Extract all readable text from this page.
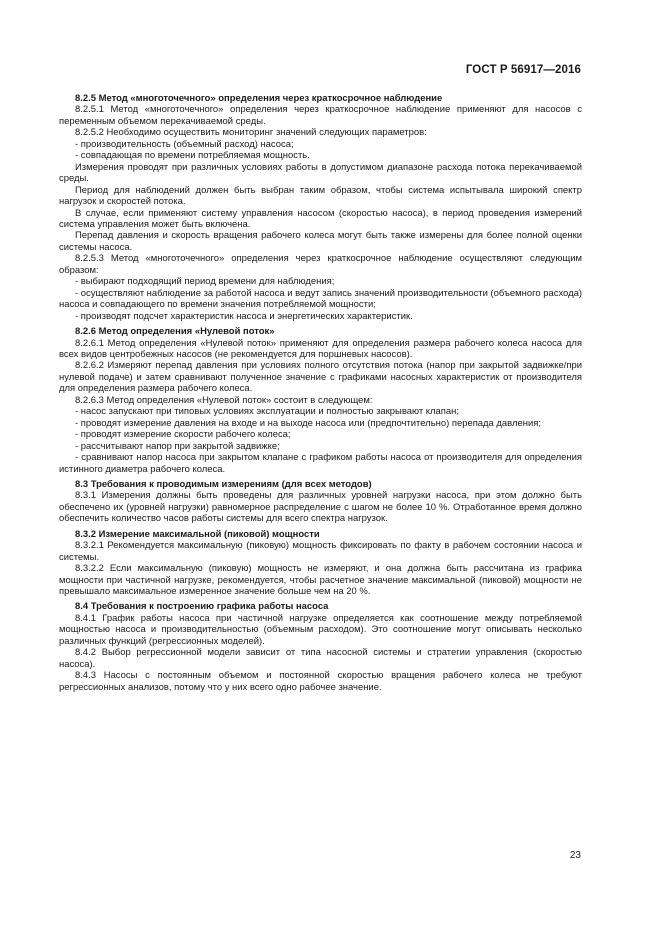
ГОСТ Р 56917—2016

8.2.5 Метод «многоточечного» определения через краткосрочное наблюдение

8.2.5.1 Метод «многоточечного» определения через краткосрочное наблюдение применяют для насосов с переменным объемом перекачиваемой среды.

8.2.5.2 Необходимо осуществить мониторинг значений следующих параметров:

- производительность (объемный расход) насоса;

- совпадающая по времени потребляемая мощность.

Измерения проводят при различных условиях работы в допустимом диапазоне расхода потока перекачиваемой среды.

Период для наблюдений должен быть выбран таким образом, чтобы система испытывала широкий спектр нагрузок и скоростей потока.

В случае, если применяют систему управления насосом (скоростью насоса), в период проведения измерений система управления может быть включена.

Перепад давления и скорость вращения рабочего колеса могут быть также измерены для более полной оценки системы насоса.

8.2.5.3 Метод «многоточечного» определения через краткосрочное наблюдение осуществляют следующим образом:

- выбирают подходящий период времени для наблюдения;

- осуществляют наблюдение за работой насоса и ведут запись значений производительности (объемного расхода) насоса и совпадающего по времени значения потребляемой мощности;

- производят подсчет характеристик насоса и энергетических характеристик.

8.2.6 Метод определения «Нулевой поток»

8.2.6.1 Метод определения «Нулевой поток» применяют для определения размера рабочего колеса насоса для всех видов центробежных насосов (не рекомендуется для поршневых насосов).

8.2.6.2 Измеряют перепад давления при условиях полного отсутствия потока (напор при закрытой задвижке/при нулевой подаче) и затем сравнивают полученное значение с графиками насосных характеристик от производителя для определения размера рабочего колеса.

8.2.6.3 Метод определения «Нулевой поток» состоит в следующем:

- насос запускают при типовых условиях эксплуатации и полностью закрывают клапан;

- проводят измерение давления на входе и на выходе насоса или (предпочтительно) перепада давления;

- проводят измерение скорости рабочего колеса;

- рассчитывают напор при закрытой задвижке;

- сравнивают напор насоса при закрытом клапане с графиком работы насоса от производителя для определения истинного диаметра рабочего колеса.

8.3 Требования к проводимым измерениям (для всех методов)

8.3.1 Измерения должны быть проведены для различных уровней нагрузки насоса, при этом должно быть обеспечено их (уровней нагрузки) равномерное распределение с шагом не более 10 %. Отработанное время должно обеспечить количество часов работы системы для всего спектра нагрузок.

8.3.2 Измерение максимальной (пиковой) мощности

8.3.2.1 Рекомендуется максимальную (пиковую) мощность фиксировать по факту в рабочем состоянии насоса и системы.

8.3.2.2 Если максимальную (пиковую) мощность не измеряют, и она должна быть рассчитана из графика мощности при частичной нагрузке, рекомендуется, чтобы расчетное значение максимальной (пиковой) мощности не превышало максимальное измеренное значение больше чем на 20 %.

8.4 Требования к построению графика работы насоса

8.4.1 График работы насоса при частичной нагрузке определяется как соотношение между потребляемой мощностью насоса и производительностью (объемным расходом). Это соотношение могут описывать несколько различных функций (регрессионных моделей).

8.4.2 Выбор регрессионной модели зависит от типа насосной системы и стратегии управления (скоростью насоса).

8.4.3 Насосы с постоянным объемом и постоянной скоростью вращения рабочего колеса не требуют регрессионных анализов, потому что у них всего одно рабочее значение.

23
